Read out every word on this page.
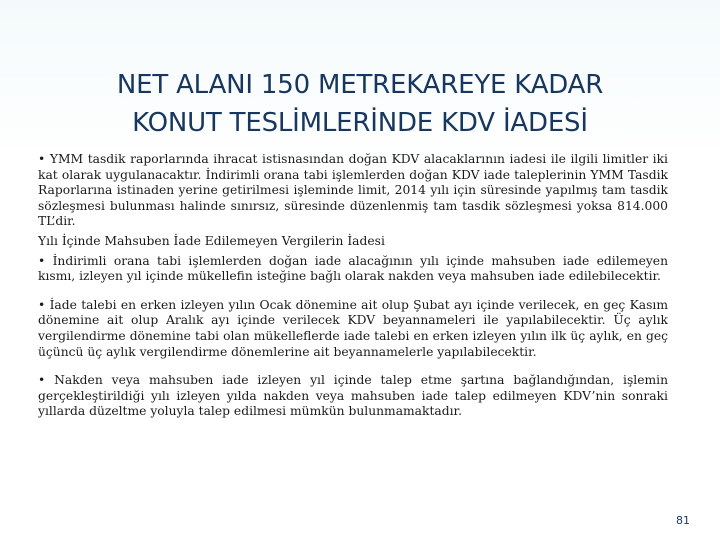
NET ALANI 150 METREKAREYE KADAR
KONUT TESLİMLERİNDE KDV İADESİ

• YMM tasdik raporlarında ihracat istisnasından doğan KDV alacaklarının iadesi ile ilgili limitler iki kat olarak uygulanacaktır. İndirimli orana tabi işlemlerden doğan KDV iade taleplerinin YMM Tasdik Raporlarına istinaden yerine getirilmesi işleminde limit, 2014 yılı için süresinde yapılmış tam tasdik sözleşmesi bulunması halinde sınırsız, süresinde düzenlenmiş tam tasdik sözleşmesi yoksa 814.000 TL’dir.

Yılı İçinde Mahsuben İade Edilemeyen Vergilerin İadesi

• İndirimli orana tabi işlemlerden doğan iade alacağının yılı içinde mahsuben iade edilemeyen kısmı, izleyen yıl içinde mükellefin isteğine bağlı olarak nakden veya mahsuben iade edilebilecektir.

• İade talebi en erken izleyen yılın Ocak dönemine ait olup Şubat ayı içinde verilecek, en geç Kasım dönemine ait olup Aralık ayı içinde verilecek KDV beyannameleri ile yapılabilecektir. Üç aylık vergilendirme dönemine tabi olan mükelleflerde iade talebi en erken izleyen yılın ilk üç aylık, en geç üçüncü üç aylık vergilendirme dönemlerine ait beyannamelerle yapılabilecektir.

• Nakden veya mahsuben iade izleyen yıl içinde talep etme şartına bağlandığından, işlemin gerçekleştirildiği yılı izleyen yılda nakden veya mahsuben iade talep edilmeyen KDV’nin sonraki yıllarda düzeltme yoluyla talep edilmesi mümkün bulunmamaktadır.

81
